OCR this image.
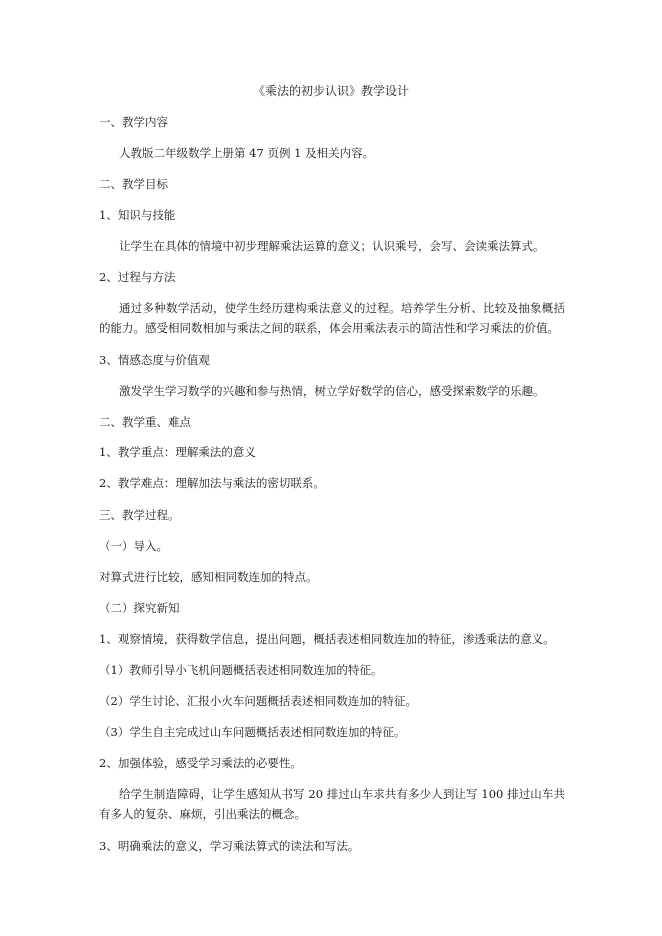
《乘法的初步认识》教学设计
一、教学内容
人教版二年级数学上册第 47 页例 1 及相关内容。
二、教学目标
1、知识与技能
让学生在具体的情境中初步理解乘法运算的意义；认识乘号，会写、会读乘法算式。
2、过程与方法
通过多种数学活动，使学生经历建构乘法意义的过程。培养学生分析、比较及抽象概括的能力。感受相同数相加与乘法之间的联系，体会用乘法表示的简洁性和学习乘法的价值。
3、情感态度与价值观
激发学生学习数学的兴趣和参与热情，树立学好数学的信心，感受探索数学的乐趣。
二、教学重、难点
1、教学重点：理解乘法的意义
2、教学难点：理解加法与乘法的密切联系。
三、教学过程。
（一）导入。
对算式进行比较，感知相同数连加的特点。
（二）探究新知
1、观察情境，获得数学信息，提出问题，概括表述相同数连加的特征，渗透乘法的意义。
（1）教师引导小飞机问题概括表述相同数连加的特征。
（2）学生讨论、汇报小火车问题概括表述相同数连加的特征。
（3）学生自主完成过山车问题概括表述相同数连加的特征。
2、加强体验，感受学习乘法的必要性。
给学生制造障碍，让学生感知从书写 20 排过山车求共有多少人到让写 100 排过山车共有多人的复杂、麻烦，引出乘法的概念。
3、明确乘法的意义，学习乘法算式的读法和写法。
